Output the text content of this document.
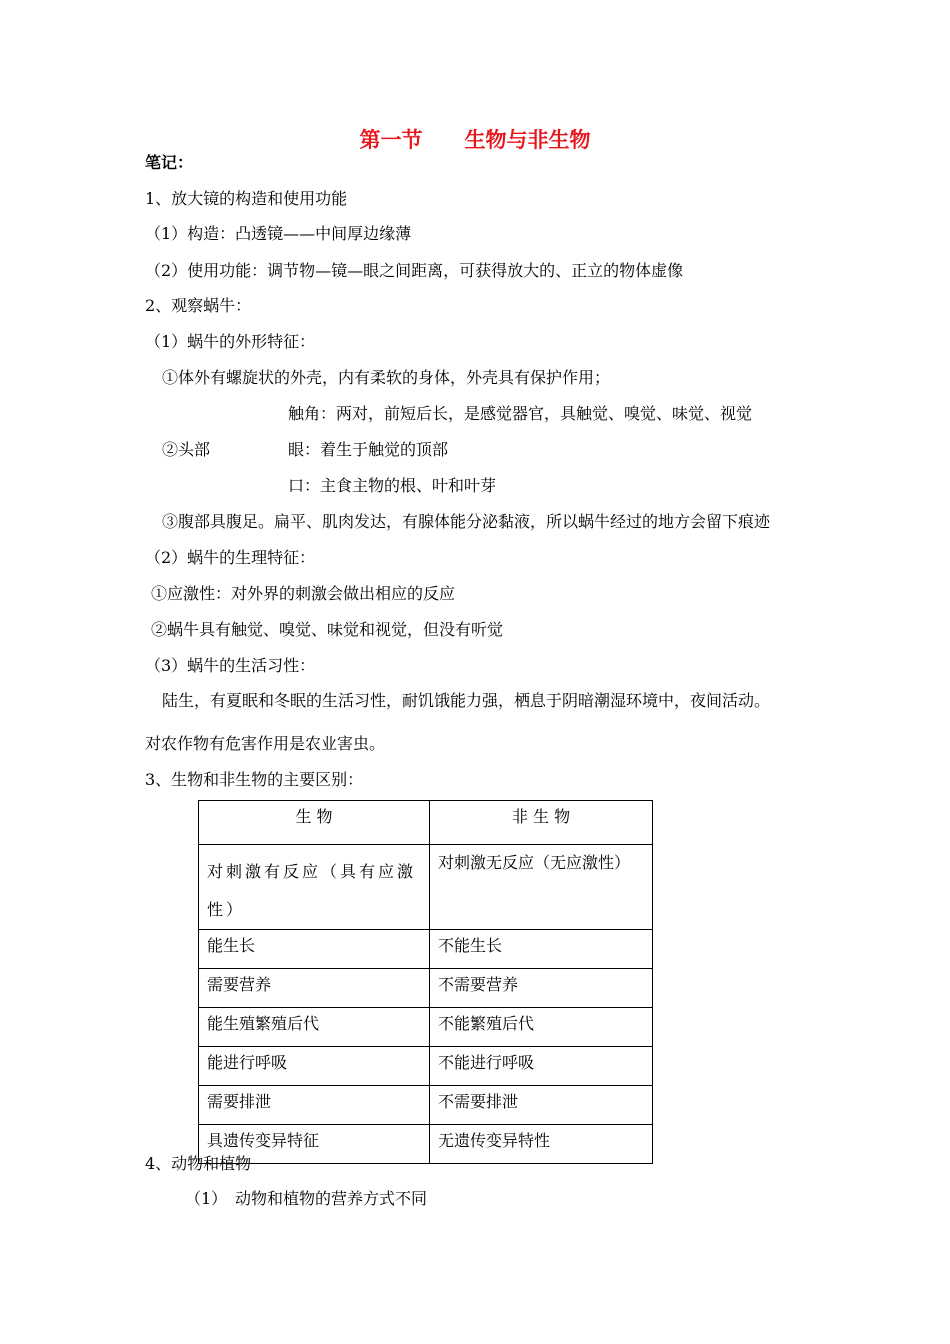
第一节　　生物与非生物
笔记：
1、放大镜的构造和使用功能
（1）构造：凸透镜——中间厚边缘薄
（2）使用功能：调节物—镜—眼之间距离，可获得放大的、正立的物体虚像
2、观察蜗牛：
（1）蜗牛的外形特征：
①体外有螺旋状的外壳，内有柔软的身体，外壳具有保护作用；
触角：两对，前短后长，是感觉器官，具触觉、嗅觉、味觉、视觉
②头部	眼：着生于触觉的顶部
口：主食主物的根、叶和叶芽
③腹部具腹足。扁平、肌肉发达，有腺体能分泌黏液，所以蜗牛经过的地方会留下痕迹
（2）蜗牛的生理特征：
①应激性：对外界的刺激会做出相应的反应
②蜗牛具有触觉、嗅觉、味觉和视觉，但没有听觉
（3）蜗牛的生活习性：
陆生，有夏眠和冬眠的生活习性，耐饥饿能力强，栖息于阴暗潮湿环境中，夜间活动。
对农作物有危害作用是农业害虫。
3、生物和非生物的主要区别：
生 物	非 生 物
对刺激有反应（具有应激性）	对刺激无反应（无应激性）
能生长	不能生长
需要营养	不需要营养
能生殖繁殖后代	不能繁殖后代
能进行呼吸	不能进行呼吸
需要排泄	不需要排泄
具遗传变异特征	无遗传变异特性
4、动物和植物
（1） 动物和植物的营养方式不同
